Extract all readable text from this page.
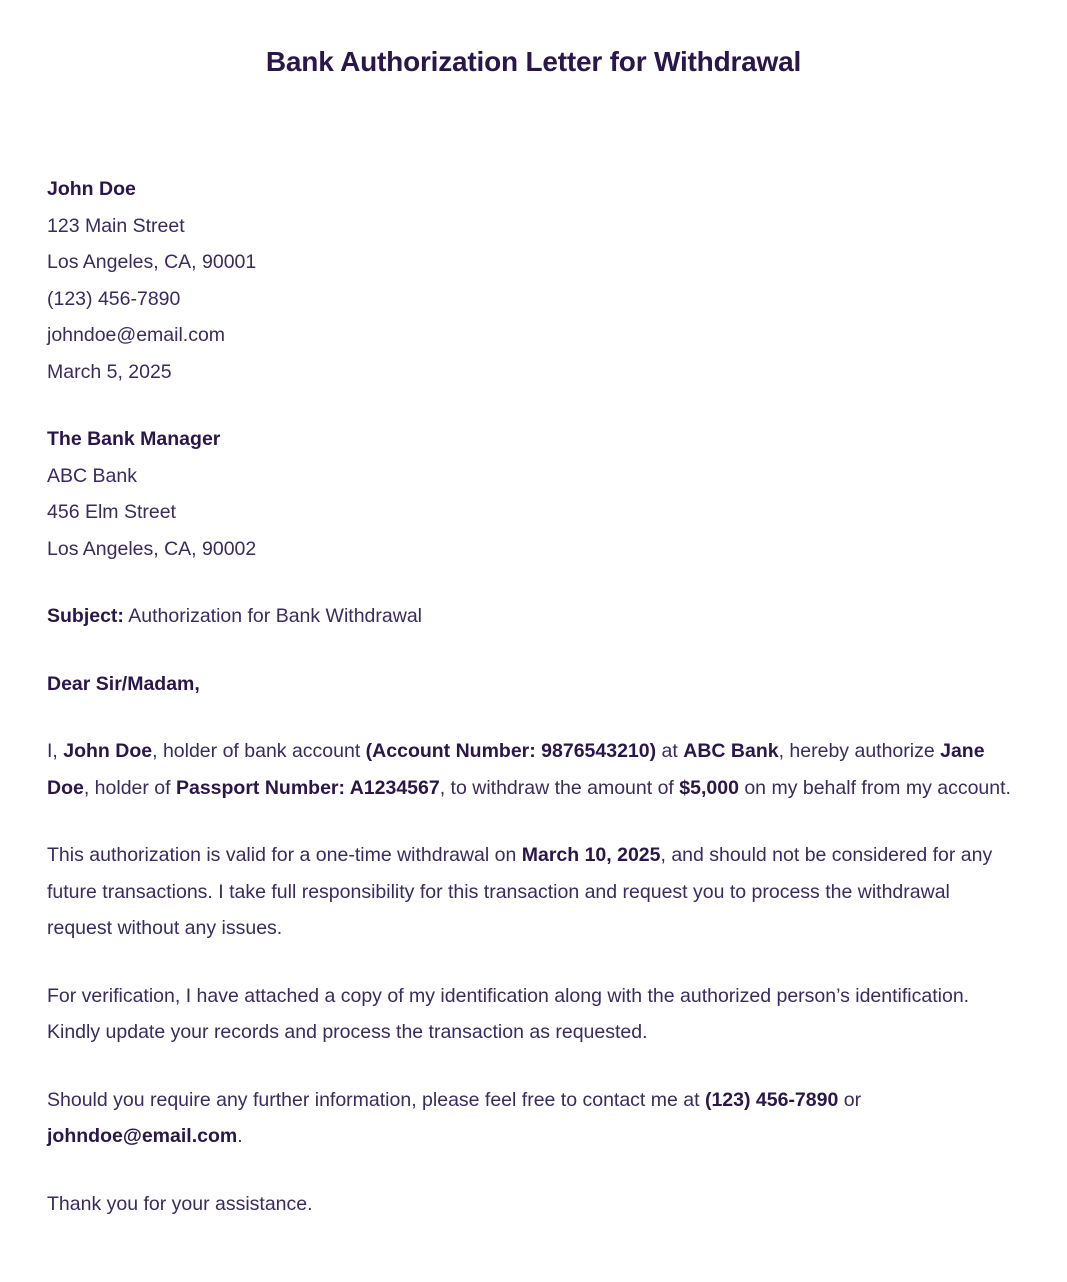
Bank Authorization Letter for Withdrawal

John Doe

123 Main Street

Los Angeles, CA, 90001

(123) 456-7890

johndoe@email.com

March 5, 2025

The Bank Manager

ABC Bank

456 Elm Street

Los Angeles, CA, 90002

Subject: Authorization for Bank Withdrawal

Dear Sir/Madam,

I, John Doe, holder of bank account (Account Number: 9876543210) at ABC Bank, hereby authorize Jane Doe, holder of Passport Number: A1234567, to withdraw the amount of $5,000 on my behalf from my account.

This authorization is valid for a one-time withdrawal on March 10, 2025, and should not be considered for any future transactions. I take full responsibility for this transaction and request you to process the withdrawal request without any issues.

For verification, I have attached a copy of my identification along with the authorized person’s identification. Kindly update your records and process the transaction as requested.

Should you require any further information, please feel free to contact me at (123) 456-7890 or johndoe@email.com.

Thank you for your assistance.
